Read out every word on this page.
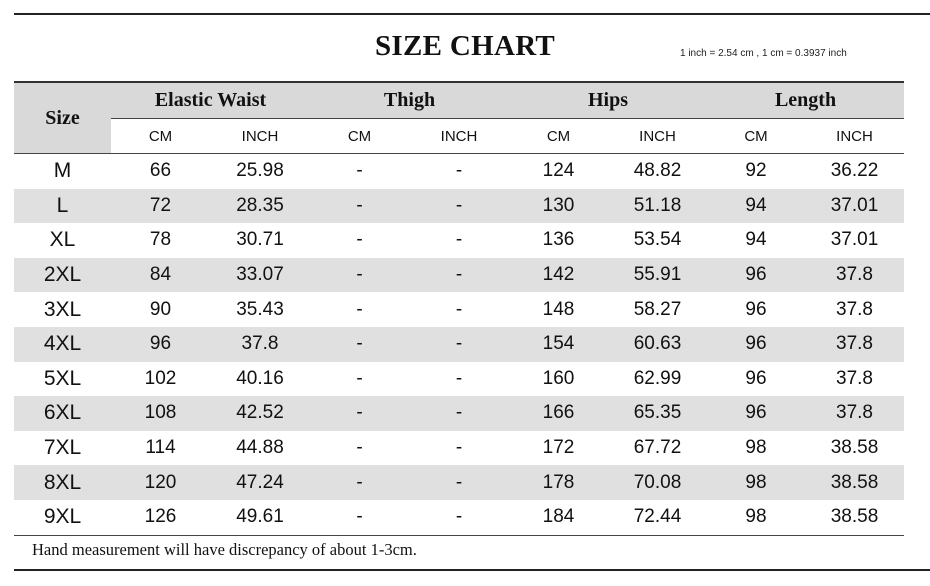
SIZE CHART	1 inch = 2.54 cm , 1 cm = 0.3937 inch
Size	Elastic Waist		Thigh		Hips		Length	
	CM	INCH	CM	INCH	CM	INCH	CM	INCH
M	66	25.98	-	-	124	48.82	92	36.22
L	72	28.35	-	-	130	51.18	94	37.01
XL	78	30.71	-	-	136	53.54	94	37.01
2XL	84	33.07	-	-	142	55.91	96	37.8
3XL	90	35.43	-	-	148	58.27	96	37.8
4XL	96	37.8	-	-	154	60.63	96	37.8
5XL	102	40.16	-	-	160	62.99	96	37.8
6XL	108	42.52	-	-	166	65.35	96	37.8
7XL	114	44.88	-	-	172	67.72	98	38.58
8XL	120	47.24	-	-	178	70.08	98	38.58
9XL	126	49.61	-	-	184	72.44	98	38.58
Hand measurement will have discrepancy of about 1-3cm.
